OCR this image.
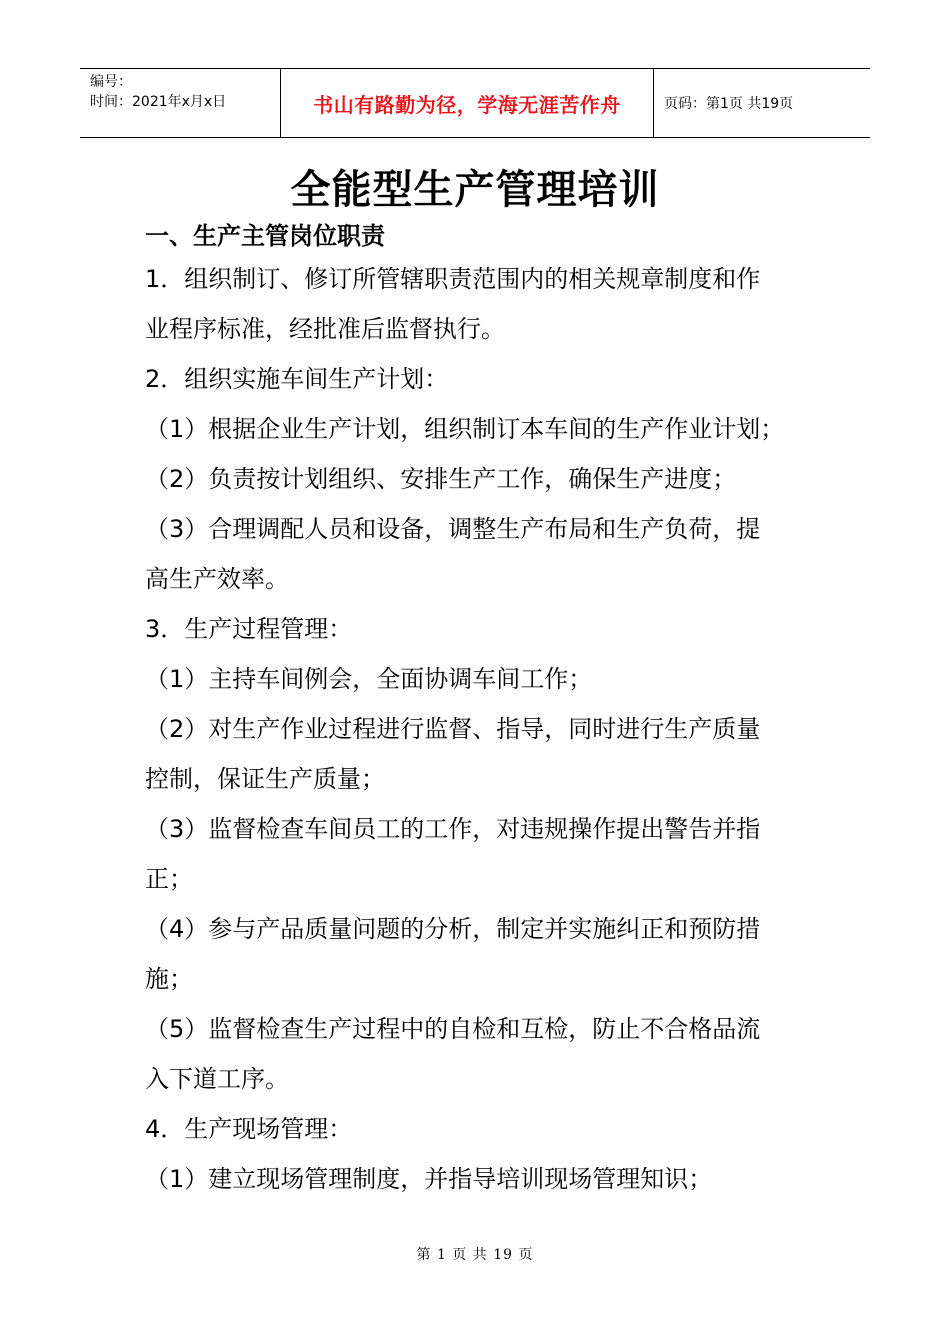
编号：
时间：2021年x月x日	书山有路勤为径，学海无涯苦作舟	页码：第1页 共19页
全能型生产管理培训
一、生产主管岗位职责

1．组织制订、修订所管辖职责范围内的相关规章制度和作

业程序标准，经批准后监督执行。

2．组织实施车间生产计划：

（1）根据企业生产计划，组织制订本车间的生产作业计划；

（2）负责按计划组织、安排生产工作，确保生产进度；

（3）合理调配人员和设备，调整生产布局和生产负荷，提

高生产效率。

3．生产过程管理：

（1）主持车间例会，全面协调车间工作；

（2）对生产作业过程进行监督、指导，同时进行生产质量

控制，保证生产质量；

（3）监督检查车间员工的工作，对违规操作提出警告并指

正；

（4）参与产品质量问题的分析，制定并实施纠正和预防措

施；

（5）监督检查生产过程中的自检和互检，防止不合格品流

入下道工序。

4．生产现场管理：

（1）建立现场管理制度，并指导培训现场管理知识；

第 1 页 共 19 页
